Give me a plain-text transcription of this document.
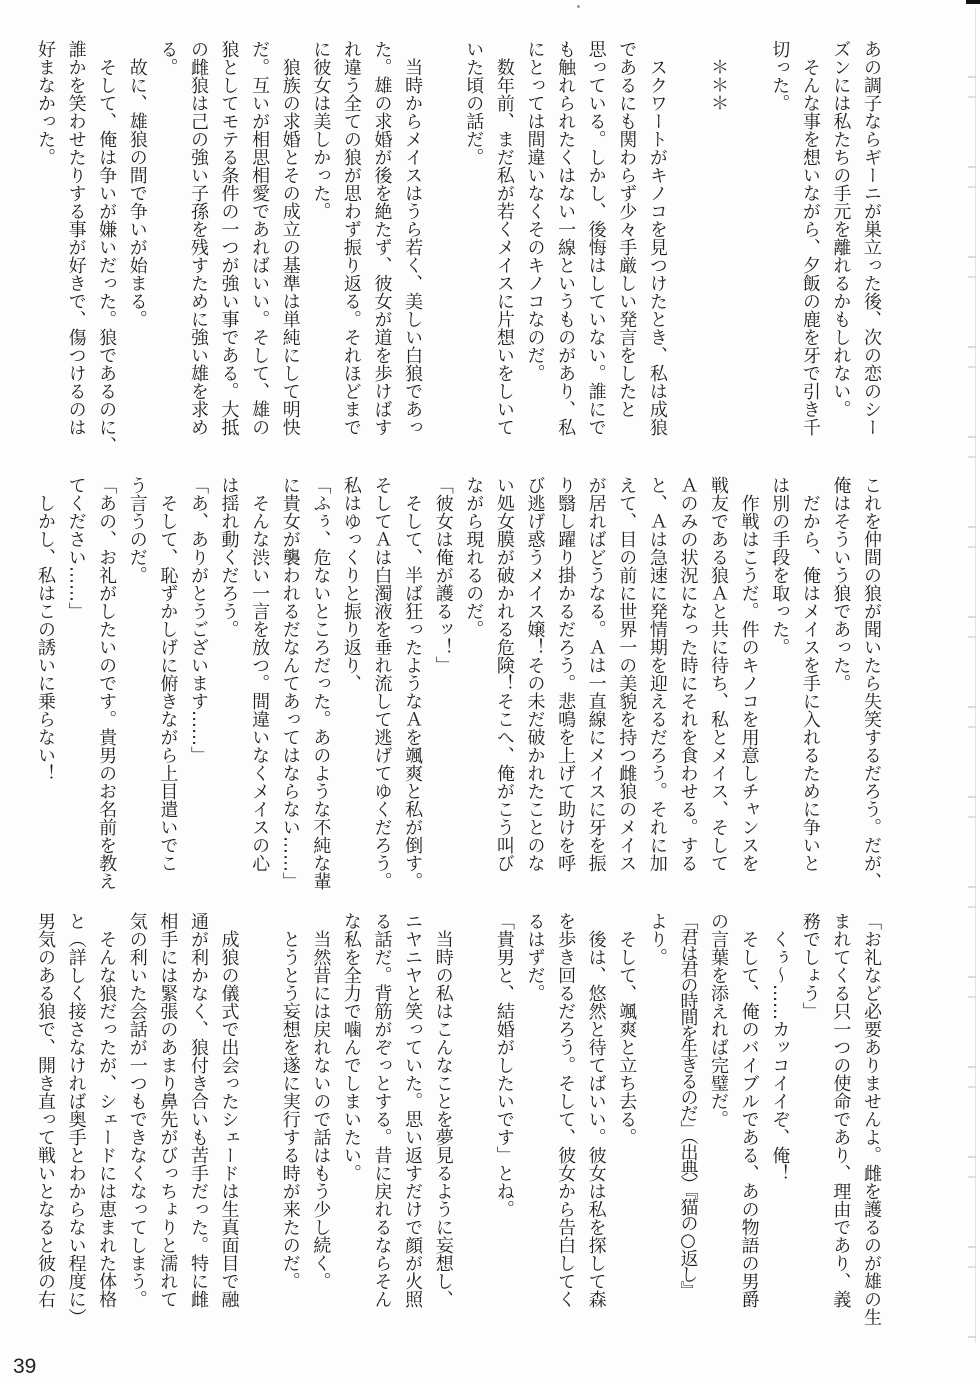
あの調子ならギーニが巣立った後、次の恋のシー
ズンには私たちの手元を離れるかもしれない。
　そんな事を想いながら、夕飯の鹿を牙で引き千
切った。
　＊＊＊
　スクワートがキノコを見つけたとき、私は成狼
であるにも関わらず少々手厳しい発言をしたと
思っている。しかし、後悔はしていない。誰にで
も触れられたくはない一線というものがあり、私
にとっては間違いなくそのキノコなのだ。
　数年前、まだ私が若くメイスに片想いをしいて
いた頃の話だ。
　当時からメイスはうら若く、美しい白狼であっ
た。雄の求婚が後を絶たず、彼女が道を歩けばす
れ違う全ての狼が思わず振り返る。それほどまで
に彼女は美しかった。
　狼族の求婚とその成立の基準は単純にして明快
だ。互いが相思相愛であればいい。そして、雄の
狼としてモテる条件の一つが強い事である。大抵
の雌狼は己の強い子孫を残すために強い雄を求め
る。
　故に、雄狼の間で争いが始まる。
　そして、俺は争いが嫌いだった。狼であるのに、
誰かを笑わせたりする事が好きで、傷つけるのは
好まなかった。
これを仲間の狼が聞いたら失笑するだろう。だが、
俺はそういう狼であった。
　だから、俺はメイスを手に入れるために争いと
は別の手段を取った。
　作戦はこうだ。件のキノコを用意しチャンスを
戦友である狼Ａと共に待ち、私とメイス、そして
Ａのみの状況になった時にそれを食わせる。する
と、Ａは急速に発情期を迎えるだろう。それに加
えて、目の前に世界一の美貌を持つ雌狼のメイス
が居ればどうなる。Ａは一直線にメイスに牙を振
り翳し躍り掛かるだろう。悲鳴を上げて助けを呼
び逃げ惑うメイス嬢！その未だ破かれたことのな
い処女膜が破かれる危険！そこへ、俺がこう叫び
ながら現れるのだ。
「彼女は俺が護るッ！」
　そして、半ば狂ったようなＡを颯爽と私が倒す。
そしてＡは白濁液を垂れ流して逃げてゆくだろう。
私はゆっくりと振り返り、
「ふぅ、危ないところだった。あのような不純な輩
に貴女が襲われるだなんてあってはならない……」
　そんな渋い一言を放つ。間違いなくメイスの心
は揺れ動くだろう。
「あ、ありがとうございます……」
　そして、恥ずかしげに俯きながら上目遣いでこ
う言うのだ。
「あの、お礼がしたいのです。貴男のお名前を教え
てください……」
　しかし、私はこの誘いに乗らない！
「お礼など必要ありませんよ。雌を護るのが雄の生
まれてくる只一つの使命であり、理由であり、義
務でしょう」
　くぅ～……カッコイイぞ、俺！
　そして、俺のバイブルである、あの物語の男爵
の言葉を添えれば完璧だ。
「君は君の時間を生きるのだ」（出典）『猫の○返し』
より。
　そして、颯爽と立ち去る。
　後は、悠然と待てばいい。彼女は私を探して森
を歩き回るだろう。そして、彼女から告白してく
るはずだ。
「貴男と、結婚がしたいです」とね。
　当時の私はこんなことを夢見るように妄想し、
ニヤニヤと笑っていた。思い返すだけで顔が火照
る話だ。背筋がぞっとする。昔に戻れるならそん
な私を全力で噛んでしまいたい。
　当然昔には戻れないので話はもう少し続く。
　とうとう妄想を遂に実行する時が来たのだ。
　成狼の儀式で出会ったシェードは生真面目で融
通が利かなく、狼付き合いも苦手だった。特に雌
相手には緊張のあまり鼻先がびっちょりと濡れて
気の利いた会話が一つもできなくなってしまう。
　そんな狼だったが、シェードには恵まれた体格
と（詳しく接さなければ奥手とわからない程度に）
男気のある狼で、開き直って戦いとなると彼の右
39
